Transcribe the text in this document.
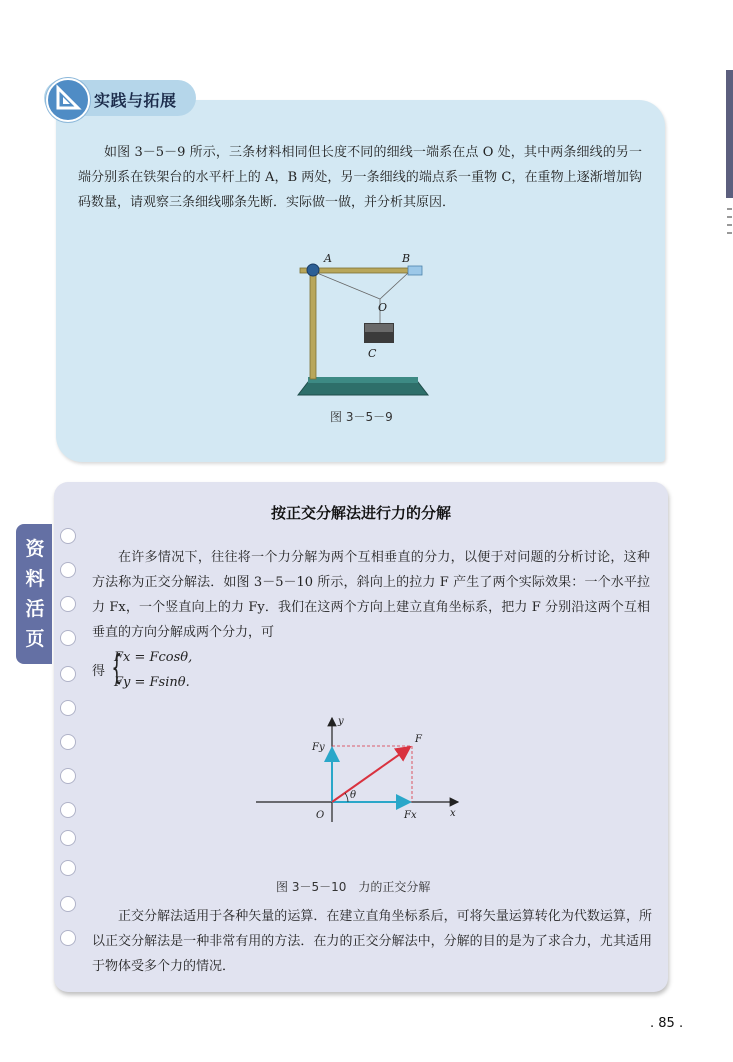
实践与拓展

如图 3－5－9 所示，三条材料相同但长度不同的细线一端系在点 O 处，其中两条细线的另一端分别系在铁架台的水平杆上的 A，B 两处，另一条细线的端点系一重物 C，在重物上逐渐增加钩码数量，请观察三条细线哪条先断．实际做一做，并分析其原因．

A	B
O
C
图 3－5－9
资料活页
按正交分解法进行力的分解

在许多情况下，往往将一个力分解为两个互相垂直的分力，以便于对问题的分析讨论，这种方法称为正交分解法．如图 3－5－10 所示，斜向上的拉力 F 产生了两个实际效果：一个水平拉力 Fx，一个竖直向上的力 Fy．我们在这两个方向上建立直角坐标系，把力 F 分别沿这两个互相垂直的方向分解成两个分力，可

得 {
Fx = Fcosθ,
Fy = Fsinθ.
y
x
O
F
Fx
Fy
θ
图 3－5－10　力的正交分解

正交分解法适用于各种矢量的运算．在建立直角坐标系后，可将矢量运算转化为代数运算，所以正交分解法是一种非常有用的方法．在力的正交分解法中，分解的目的是为了求合力，尤其适用于物体受多个力的情况．

. 85 .
